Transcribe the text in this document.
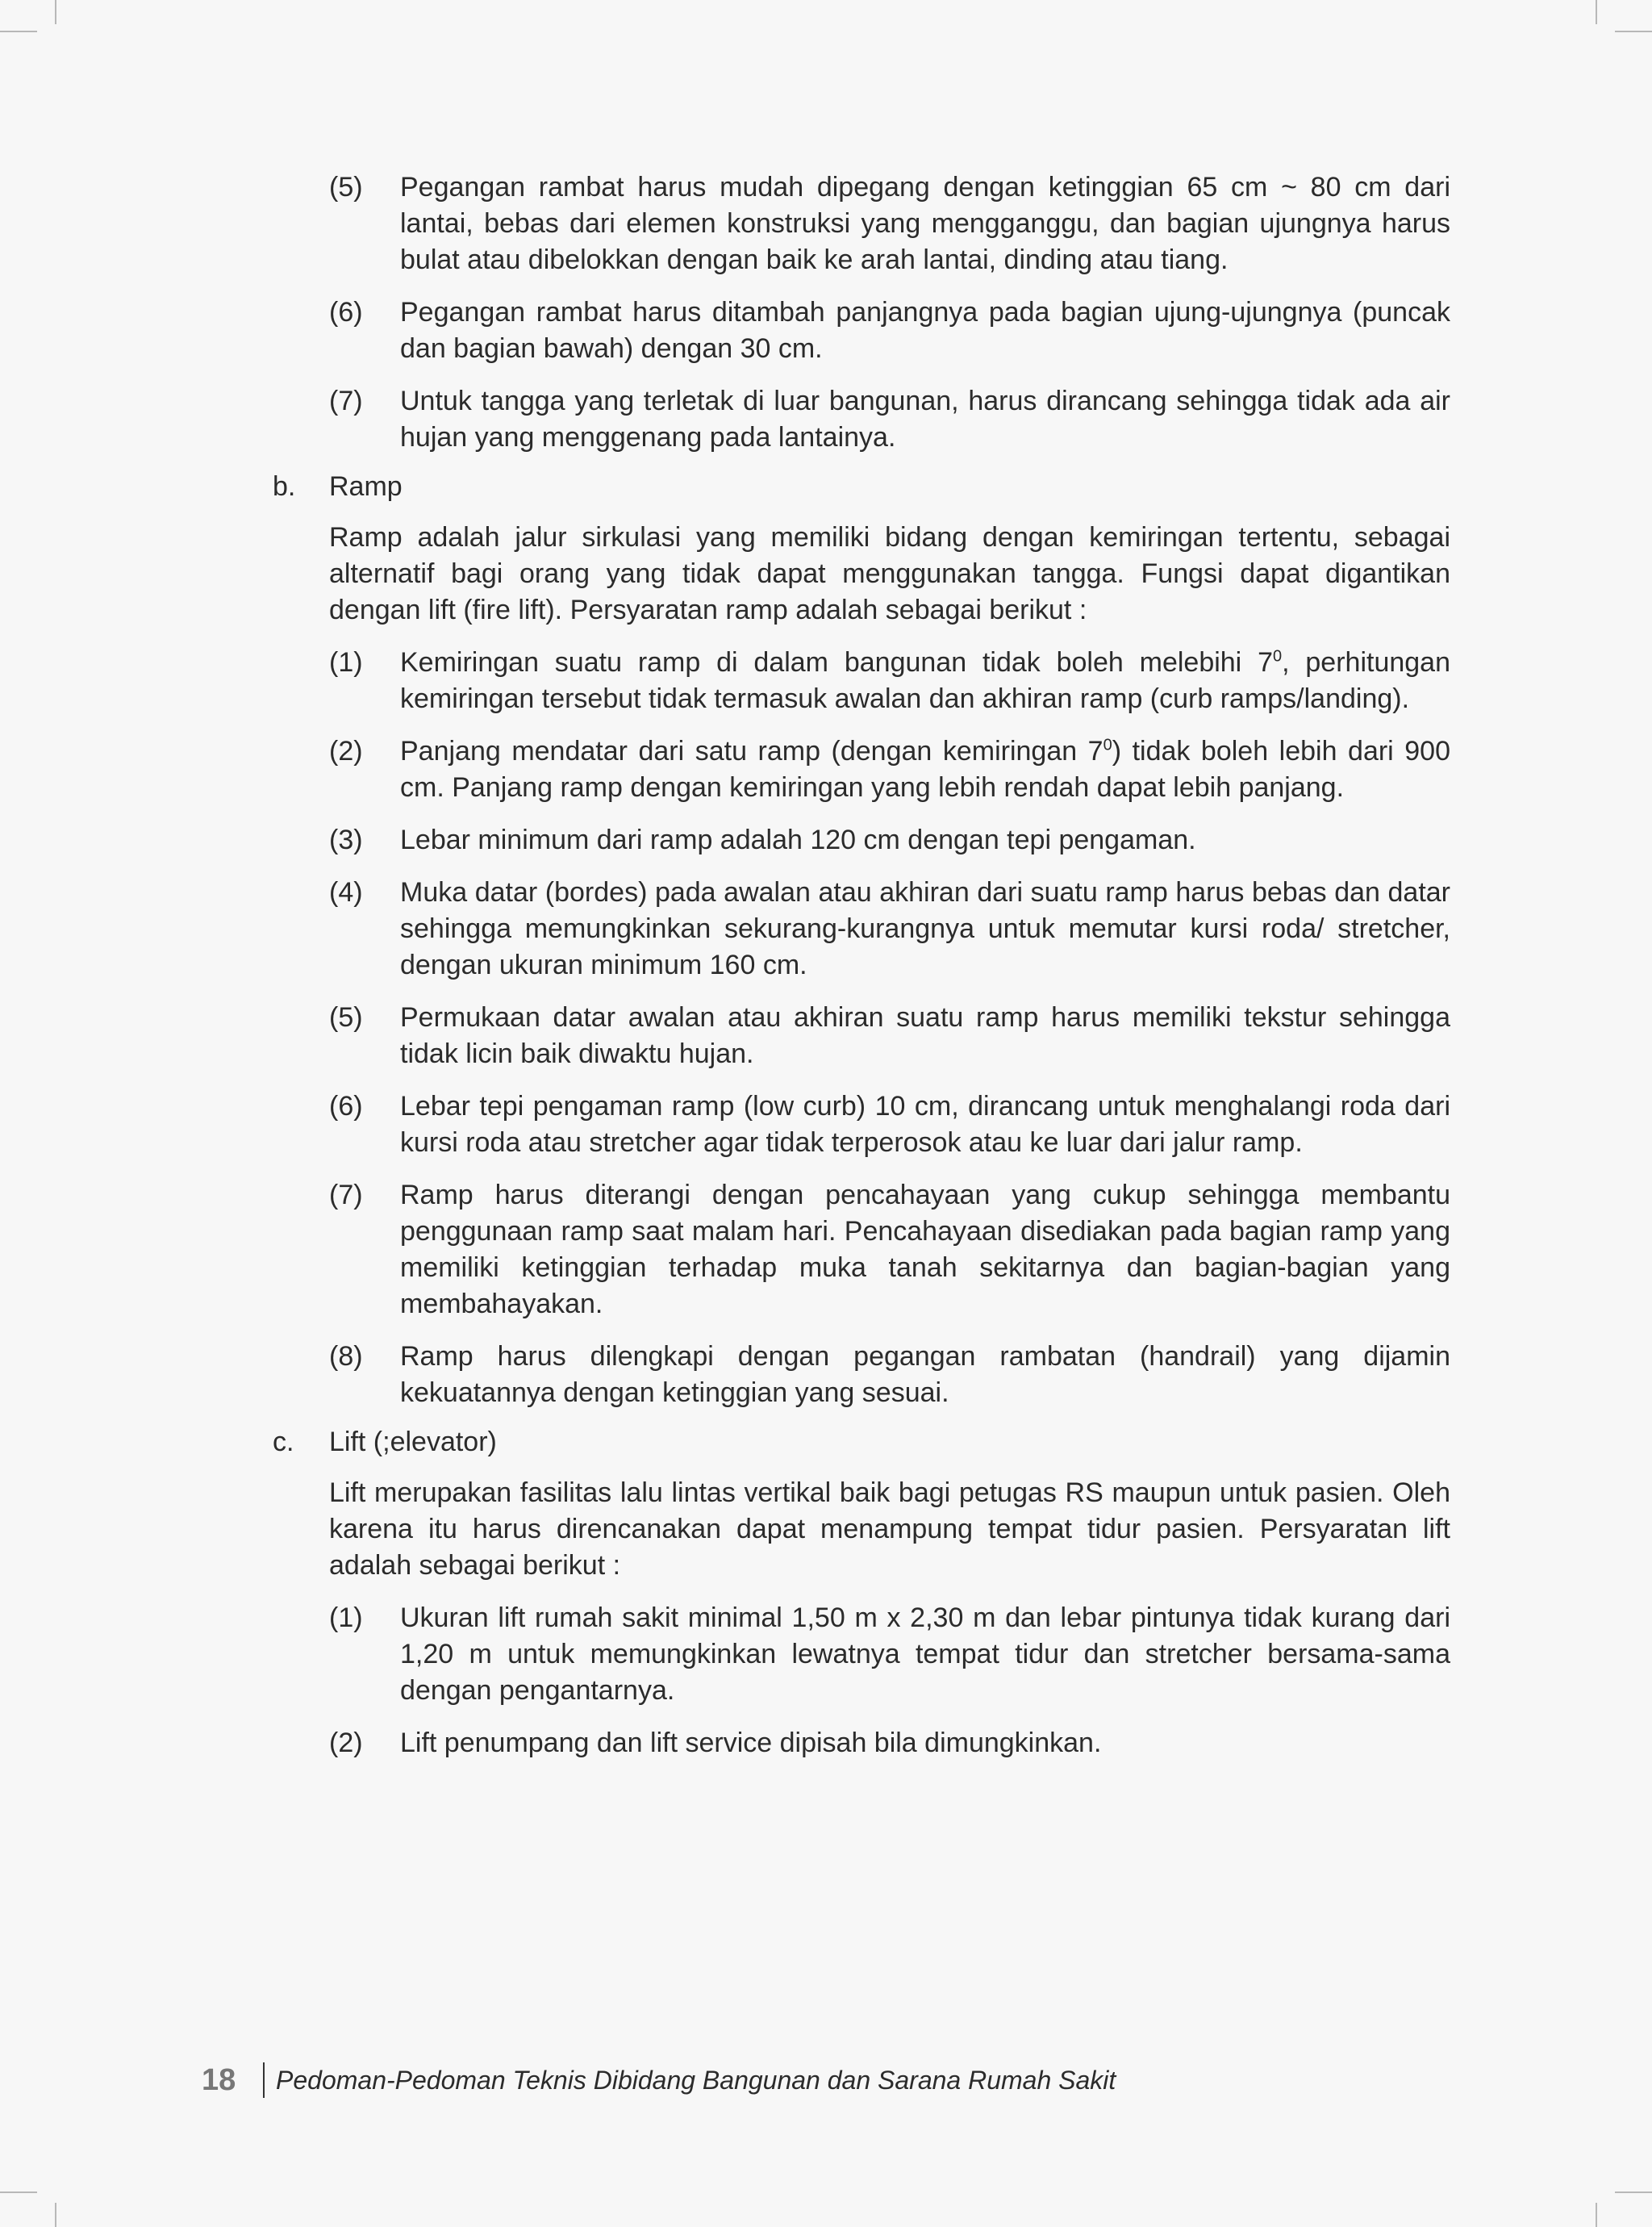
(5)	Pegangan rambat harus mudah dipegang dengan ketinggian 65 cm ~ 80 cm dari lantai, bebas dari elemen konstruksi yang mengganggu, dan bagian ujungnya harus bulat atau dibelokkan dengan baik ke arah lantai, dinding atau tiang.
(6)	Pegangan rambat harus ditambah panjangnya pada bagian ujung-ujungnya (puncak dan bagian bawah) dengan 30 cm.
(7)	Untuk tangga yang terletak di luar bangunan, harus dirancang sehingga tidak ada air hujan yang menggenang pada lantainya.
b. Ramp
Ramp adalah jalur sirkulasi yang memiliki bidang dengan kemiringan tertentu, sebagai alternatif bagi orang yang tidak dapat menggunakan tangga. Fungsi dapat digantikan dengan lift (fire lift). Persyaratan ramp adalah sebagai berikut :
(1)	Kemiringan suatu ramp di dalam bangunan tidak boleh melebihi $7^0$, perhitungan kemiringan tersebut tidak termasuk awalan dan akhiran ramp (curb ramps/landing).
(2)	Panjang mendatar dari satu ramp (dengan kemiringan $7^0$) tidak boleh lebih dari 900 cm. Panjang ramp dengan kemiringan yang lebih rendah dapat lebih panjang.
(3)	Lebar minimum dari ramp adalah 120 cm dengan tepi pengaman.
(4)	Muka datar (bordes) pada awalan atau akhiran dari suatu ramp harus bebas dan datar sehingga memungkinkan sekurang-kurangnya untuk memutar kursi roda/ stretcher, dengan ukuran minimum 160 cm.
(5)	Permukaan datar awalan atau akhiran suatu ramp harus memiliki tekstur sehingga tidak licin baik diwaktu hujan.
(6)	Lebar tepi pengaman ramp (low curb) 10 cm, dirancang untuk menghalangi roda dari kursi roda atau stretcher agar tidak terperosok atau ke luar dari jalur ramp.
(7)	Ramp harus diterangi dengan pencahayaan yang cukup sehingga membantu penggunaan ramp saat malam hari. Pencahayaan disediakan pada bagian ramp yang memiliki ketinggian terhadap muka tanah sekitarnya dan bagian-bagian yang membahayakan.
(8)	Ramp harus dilengkapi dengan pegangan rambatan (handrail) yang dijamin kekuatannya dengan ketinggian yang sesuai.
c. Lift (;elevator)
Lift merupakan fasilitas lalu lintas vertikal baik bagi petugas RS maupun untuk pasien. Oleh karena itu harus direncanakan dapat menampung tempat tidur pasien. Persyaratan lift adalah sebagai berikut :
(1)	Ukuran lift rumah sakit minimal 1,50 m x 2,30 m dan lebar pintunya tidak kurang dari 1,20 m untuk memungkinkan lewatnya tempat tidur dan stretcher bersama-sama dengan pengantarnya.
(2)	Lift penumpang dan lift service dipisah bila dimungkinkan.
18	Pedoman-Pedoman Teknis Dibidang Bangunan dan Sarana Rumah Sakit
